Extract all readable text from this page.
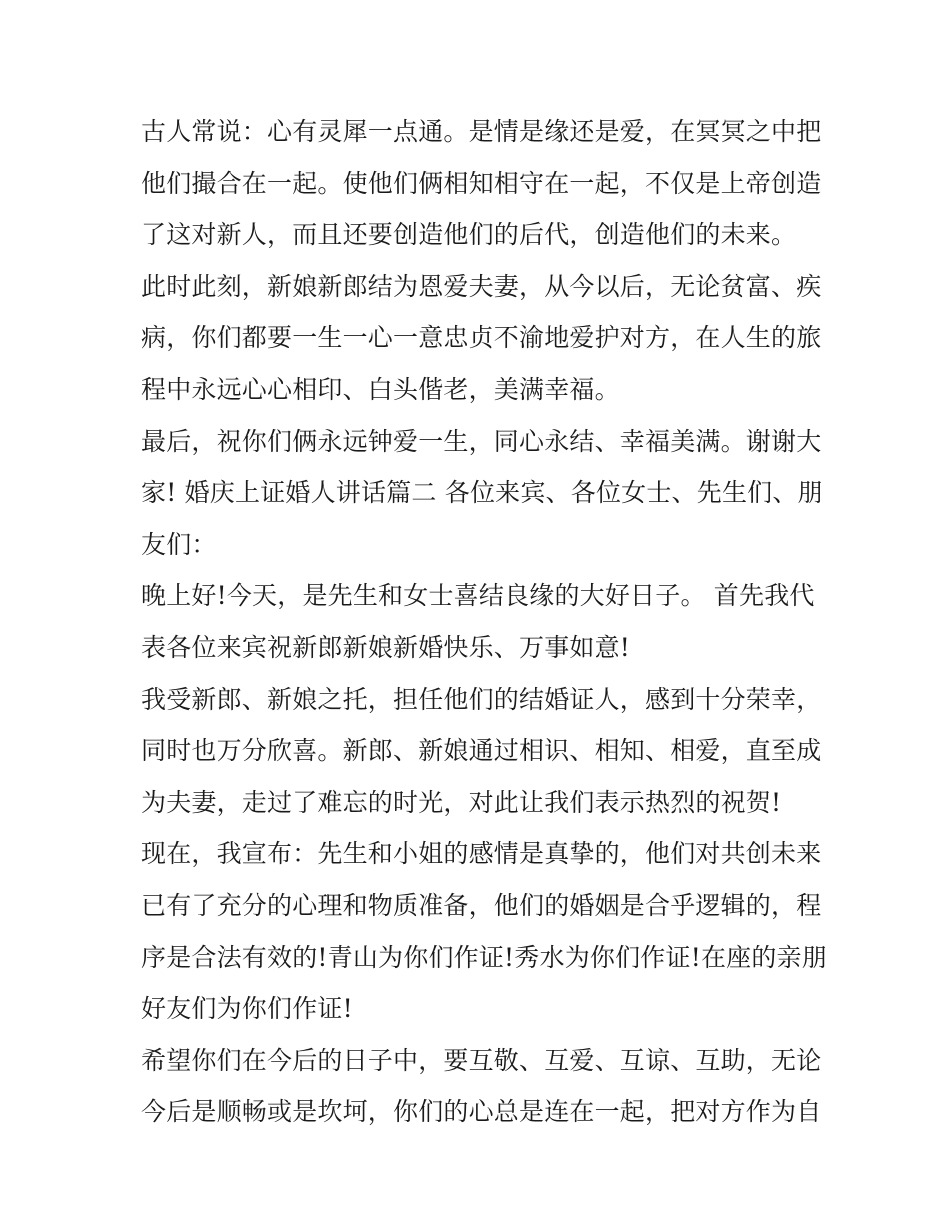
古人常说：心有灵犀一点通。是情是缘还是爱，在冥冥之中把
他们撮合在一起。使他们俩相知相守在一起，不仅是上帝创造
了这对新人，而且还要创造他们的后代，创造他们的未来。
此时此刻，新娘新郎结为恩爱夫妻，从今以后，无论贫富、疾
病，你们都要一生一心一意忠贞不渝地爱护对方，在人生的旅
程中永远心心相印、白头偕老，美满幸福。
最后，祝你们俩永远钟爱一生，同心永结、幸福美满。谢谢大
家! 婚庆上证婚人讲话篇二 各位来宾、各位女士、先生们、朋
友们：
晚上好!今天，是先生和女士喜结良缘的大好日子。 首先我代
表各位来宾祝新郎新娘新婚快乐、万事如意!
我受新郎、新娘之托，担任他们的结婚证人，感到十分荣幸，
同时也万分欣喜。新郎、新娘通过相识、相知、相爱，直至成
为夫妻，走过了难忘的时光，对此让我们表示热烈的祝贺!
现在，我宣布：先生和小姐的感情是真挚的，他们对共创未来
已有了充分的心理和物质准备，他们的婚姻是合乎逻辑的，程
序是合法有效的!青山为你们作证!秀水为你们作证!在座的亲朋
好友们为你们作证!
希望你们在今后的日子中，要互敬、互爱、互谅、互助，无论
今后是顺畅或是坎坷，你们的心总是连在一起，把对方作为自
